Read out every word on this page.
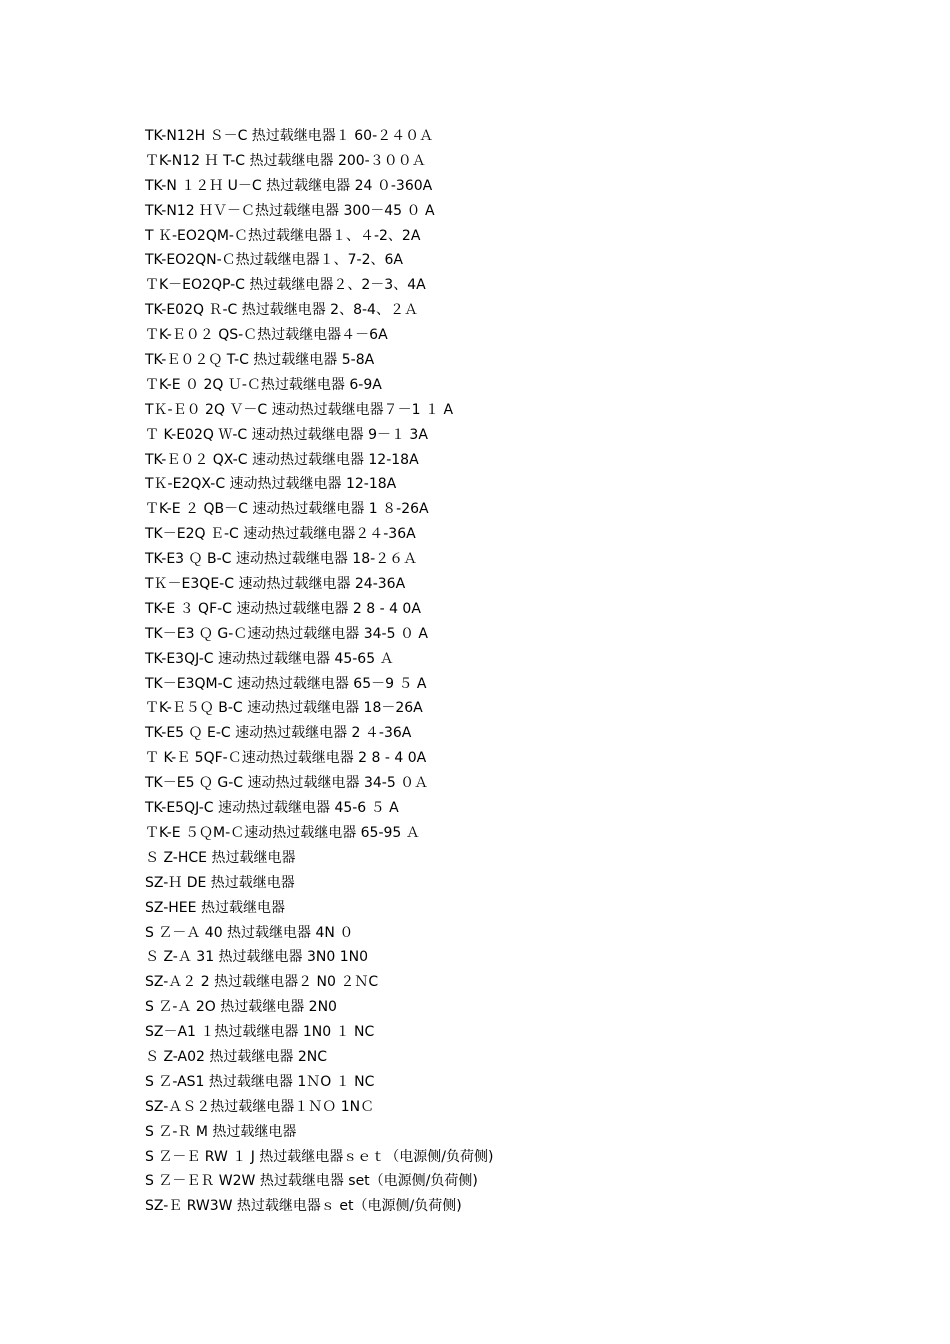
TK-N12H Ｓ－C 热过载继电器１ 60-２４０Ａ
ＴK-N12 Ｈ T-C 热过载继电器 200-３００Ａ
TK-N １２Ｈ U－C 热过载继电器 24 ０-360A
TK-N12 ＨＶ－Ｃ热过载继电器 300－45 ０ A
T Ｋ-EO2QM-Ｃ热过载继电器１、４-2、2A
TK-EO2QN-Ｃ热过载继电器１、7-2、6A
ＴK－EO2QP-C 热过载继电器２、2－3、4A
TK-E02Q Ｒ-C 热过载继电器 2、8-4、２Ａ
ＴK-Ｅ０２ QS-Ｃ热过载继电器４－6A
TK-Ｅ０２Ｑ T-C 热过载继电器 5-8A
ＴK-E ０ 2Q Ｕ-Ｃ热过载继电器 6-9A
TＫ-Ｅ０ 2Q Ｖ－C 速动热过载继电器７－1 １ A
Ｔ K-E02Q Ｗ-C 速动热过载继电器 9－１ 3A
TK-Ｅ０２ QX-C 速动热过载继电器 12-18A
TＫ-E2QX-C 速动热过载继电器 12-18A
ＴK-E ２ QB－C 速动热过载继电器 1 ８-26A
TK－E2Q Ｅ-C 速动热过载继电器２４-36A
TK-E3 Ｑ B-C 速动热过载继电器 18-２６Ａ
TＫ－E3QE-C 速动热过载继电器 24-36A
TK-E ３ QF-C 速动热过载继电器 2 8 - 4 0A
TK－E3 Ｑ G-Ｃ速动热过载继电器 34-5 ０ A
TK-E3QJ-C 速动热过载继电器 45-65 Ａ
TK－E3QM-C 速动热过载继电器 65－9 ５ A
ＴK-Ｅ５Ｑ B-C 速动热过载继电器 18－26A
TK-E5 Ｑ E-C 速动热过载继电器 2 ４-36A
Ｔ K-Ｅ 5QF-Ｃ速动热过载继电器 2 8 - 4 0A
TK－E5 Ｑ G-C 速动热过载继电器 34-5 ０Ａ
TK-E5QJ-C 速动热过载继电器 45-6 ５ A
ＴK-E ５ＱM-Ｃ速动热过载继电器 65-95 Ａ
Ｓ Z-HCE 热过载继电器
SZ-Ｈ DE 热过载继电器
SZ-HEE 热过载继电器
S Ｚ－Ａ 40 热过载继电器 4N ０
Ｓ Z-Ａ 31 热过载继电器 3N0 1N0
SZ-Ａ２ 2 热过载继电器２ N0 ２ＮC
S Ｚ-Ａ 2O 热过载继电器 2N0
SZ－A1 １热过载继电器 1N0 １ NC
Ｓ Z-A02 热过载继电器 2NC
S Ｚ-AS1 热过载继电器 1ＮO １ NC
SZ-ＡＳ２热过载继电器１ＮＯ 1NＣ
S Ｚ-Ｒ M 热过载继电器
S Ｚ－Ｅ RW １ J 热过载继电器ｓｅｔ（电源侧/负荷侧)
S Ｚ－ＥＲ W2W 热过载继电器 set（电源侧/负荷侧)
SZ-Ｅ RW3W 热过载继电器ｓ et（电源侧/负荷侧)
